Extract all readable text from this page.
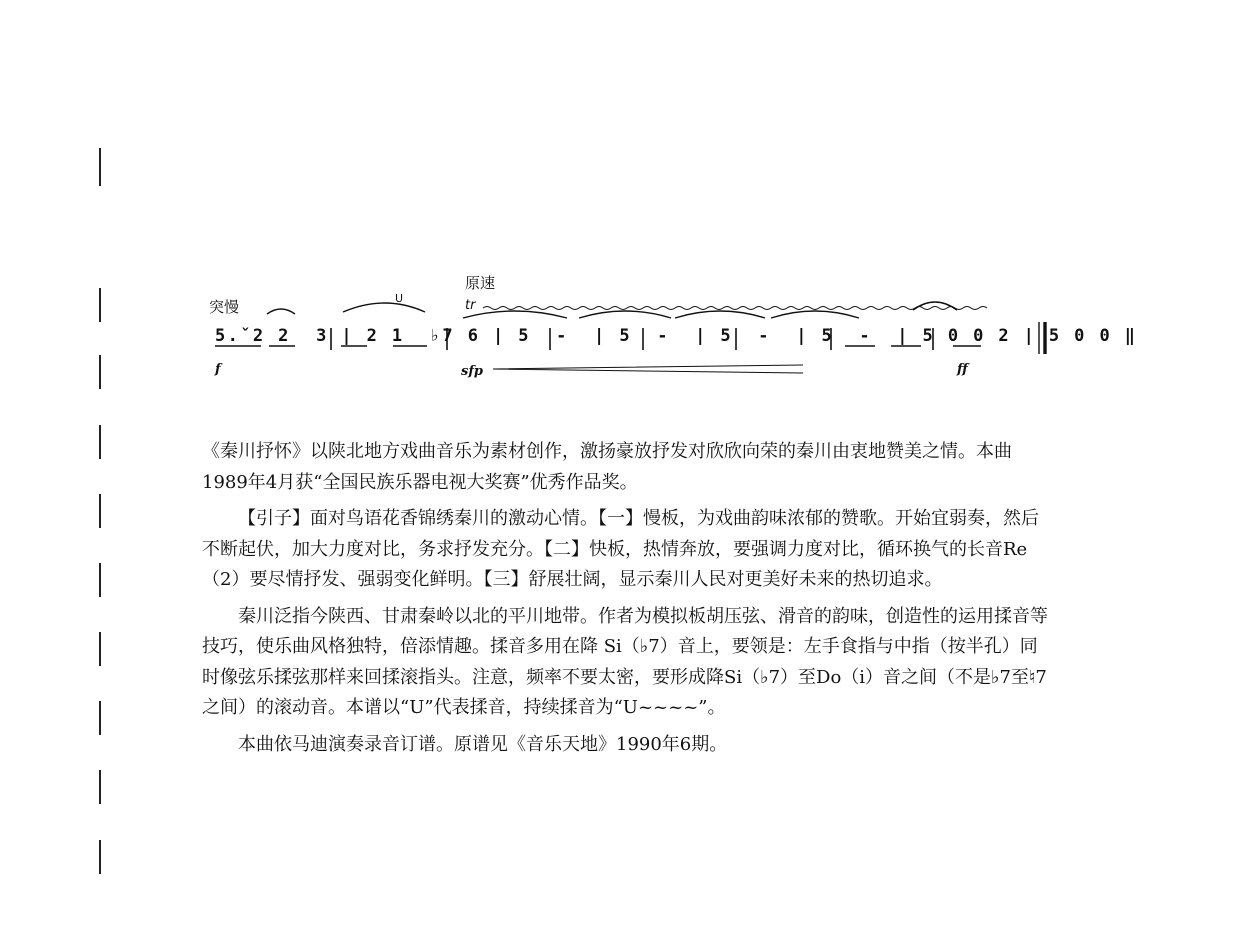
突慢
原速
tr
U
5.ˇ2 2  3 | 2 1  ♭7 6 | 5  -  | 5  -  | 5  -  | 5  -  | 5 0 0 2 | 5 0 0 ‖
f	sfp	ff

《秦川抒怀》以陕北地方戏曲音乐为素材创作，激扬豪放抒发对欣欣向荣的秦川由衷地赞美之情。本曲1989年4月获“全国民族乐器电视大奖赛”优秀作品奖。

【引子】面对鸟语花香锦绣秦川的激动心情。【一】慢板，为戏曲韵味浓郁的赞歌。开始宜弱奏，然后不断起伏，加大力度对比，务求抒发充分。【二】快板，热情奔放，要强调力度对比，循环换气的长音Re（2）要尽情抒发、强弱变化鲜明。【三】舒展壮阔，显示秦川人民对更美好未来的热切追求。

秦川泛指今陕西、甘肃秦岭以北的平川地带。作者为模拟板胡压弦、滑音的韵味，创造性的运用揉音等技巧，使乐曲风格独特，倍添情趣。揉音多用在降 Si（♭7）音上，要领是：左手食指与中指（按半孔）同时像弦乐揉弦那样来回揉滚指头。注意，频率不要太密，要形成降Si（♭7）至Do（i）音之间（不是♭7至♮7之间）的滚动音。本谱以“U”代表揉音，持续揉音为“U~~~~”。

本曲依马迪演奏录音订谱。原谱见《音乐天地》1990年6期。
